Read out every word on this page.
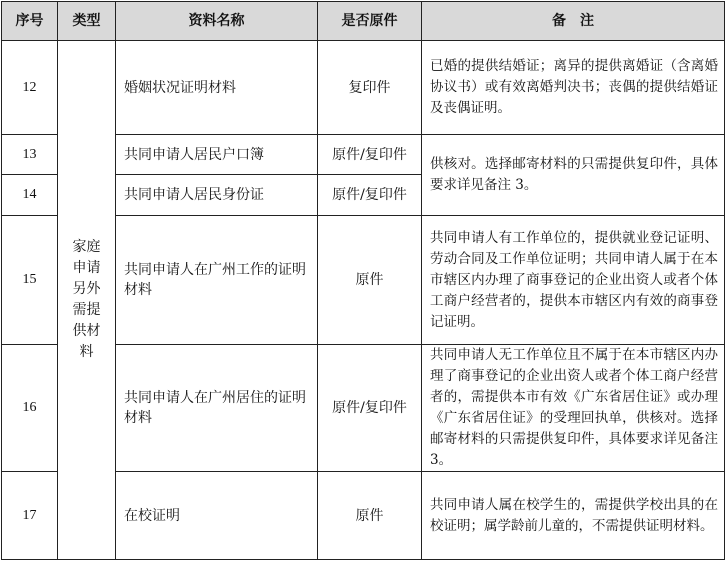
序号	类型	资料名称	是否原件	备　注
12	家庭申请另外需提供材料	婚姻状况证明材料	复印件	已婚的提供结婚证；离异的提供离婚证（含离婚协议书）或有效离婚判决书；丧偶的提供结婚证及丧偶证明。
13		共同申请人居民户口簿	原件/复印件	供核对。选择邮寄材料的只需提供复印件，具体要求详见备注 3。
14		共同申请人居民身份证	原件/复印件	
15		共同申请人在广州工作的证明材料	原件	共同申请人有工作单位的，提供就业登记证明、劳动合同及工作单位证明；共同申请人属于在本市辖区内办理了商事登记的企业出资人或者个体工商户经营者的，提供本市辖区内有效的商事登记证明。
16		共同申请人在广州居住的证明材料	原件/复印件	共同申请人无工作单位且不属于在本市辖区内办理了商事登记的企业出资人或者个体工商户经营者的，需提供本市有效《广东省居住证》或办理《广东省居住证》的受理回执单，供核对。选择邮寄材料的只需提供复印件，具体要求详见备注 3。
17		在校证明	原件	共同申请人属在校学生的，需提供学校出具的在校证明；属学龄前儿童的，不需提供证明材料。
